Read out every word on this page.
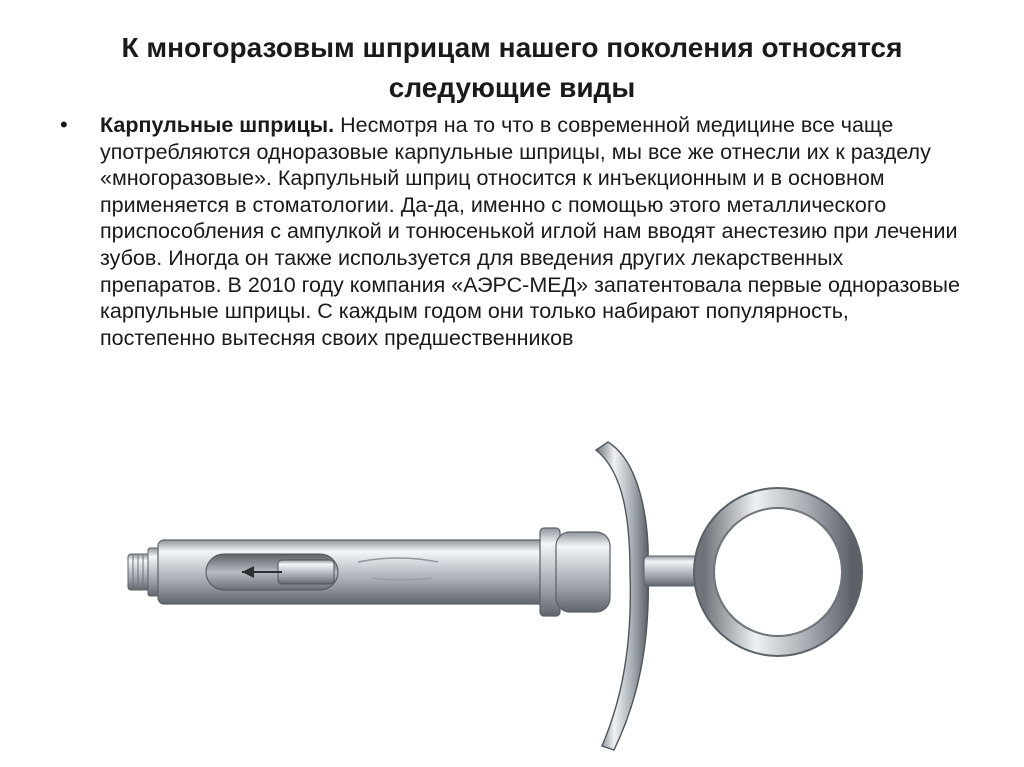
К многоразовым шприцам нашего поколения относятся
следующие виды
• Карпульные шприцы. Несмотря на то что в современной медицине все чаще употребляются одноразовые карпульные шприцы, мы все же отнесли их к разделу «многоразовые». Карпульный шприц относится к инъекционным и в основном применяется в стоматологии. Да-да, именно с помощью этого металлического приспособления с ампулкой и тонюсенькой иглой нам вводят анестезию при лечении зубов. Иногда он также используется для введения других лекарственных препаратов. В 2010 году компания «АЭРС-МЕД» запатентовала первые одноразовые карпульные шприцы. С каждым годом они только набирают популярность, постепенно вытесняя своих предшественников
